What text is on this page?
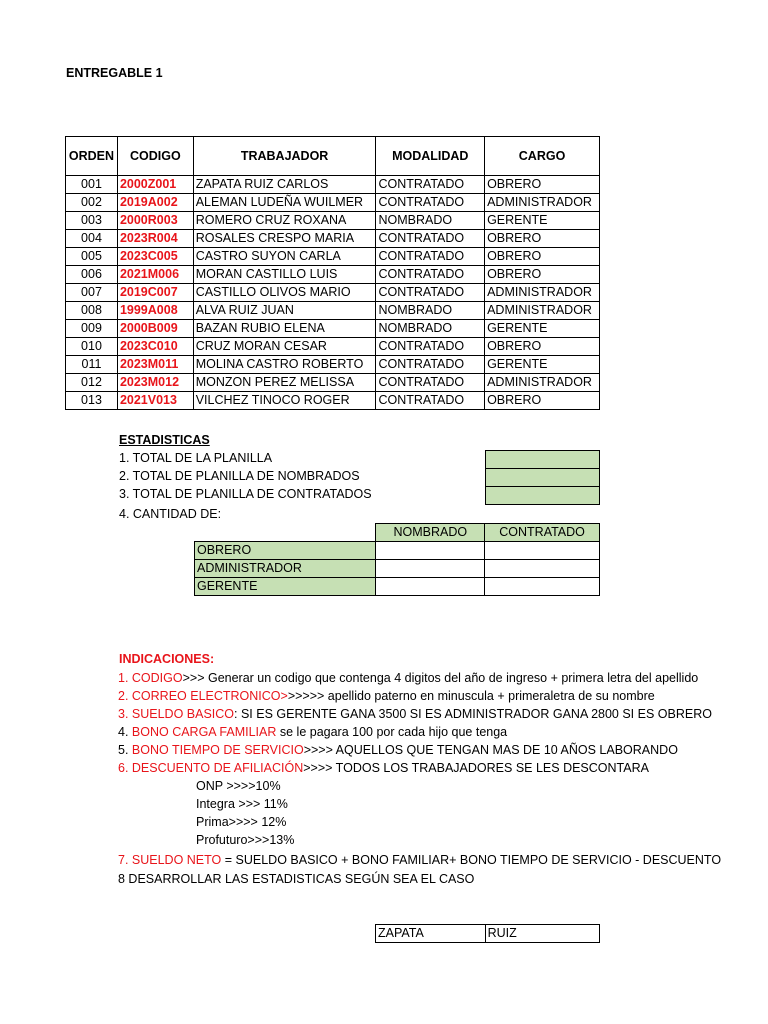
ENTREGABLE 1
ORDEN	CODIGO	TRABAJADOR	MODALIDAD	CARGO
001	2000Z001	ZAPATA RUIZ CARLOS	CONTRATADO	OBRERO
002	2019A002	ALEMAN LUDEÑA WUILMER	CONTRATADO	ADMINISTRADOR
003	2000R003	ROMERO CRUZ ROXANA	NOMBRADO	GERENTE
004	2023R004	ROSALES CRESPO MARIA	CONTRATADO	OBRERO
005	2023C005	CASTRO SUYON CARLA	CONTRATADO	OBRERO
006	2021M006	MORAN CASTILLO LUIS	CONTRATADO	OBRERO
007	2019C007	CASTILLO OLIVOS MARIO	CONTRATADO	ADMINISTRADOR
008	1999A008	ALVA RUIZ JUAN	NOMBRADO	ADMINISTRADOR
009	2000B009	BAZAN RUBIO ELENA	NOMBRADO	GERENTE
010	2023C010	CRUZ MORAN CESAR	CONTRATADO	OBRERO
011	2023M011	MOLINA CASTRO ROBERTO	CONTRATADO	GERENTE
012	2023M012	MONZON PEREZ MELISSA	CONTRATADO	ADMINISTRADOR
013	2021V013	VILCHEZ TINOCO ROGER	CONTRATADO	OBRERO
ESTADISTICAS
1. TOTAL DE LA PLANILLA
2. TOTAL DE PLANILLA DE NOMBRADOS
3. TOTAL DE PLANILLA DE CONTRATADOS
4. CANTIDAD DE:

	NOMBRADO	CONTRATADO
OBRERO		
ADMINISTRADOR		
GERENTE		
INDICACIONES:
1. CODIGO>>> Generar un codigo que contenga 4 digitos del año de ingreso + primera letra del apellido
2. CORREO ELECTRONICO>>>>>> apellido paterno en minuscula + primeraletra de su nombre
3. SUELDO BASICO: SI ES GERENTE GANA 3500 SI ES ADMINISTRADOR GANA 2800 SI ES OBRERO
4. BONO CARGA FAMILIAR se le pagara 100 por cada hijo que tenga
5. BONO TIEMPO DE SERVICIO>>>> AQUELLOS QUE TENGAN MAS DE 10 AÑOS LABORANDO
6. DESCUENTO DE AFILIACIÓN>>>> TODOS LOS TRABAJADORES SE LES DESCONTARA
ONP >>>>10%
Integra >>> 11%
Prima>>>> 12%
Profuturo>>>13%
7. SUELDO NETO = SUELDO BASICO + BONO FAMILIAR+ BONO TIEMPO DE SERVICIO - DESCUENTO
8 DESARROLLAR LAS ESTADISTICAS SEGÚN SEA EL CASO
ZAPATA	RUIZ
